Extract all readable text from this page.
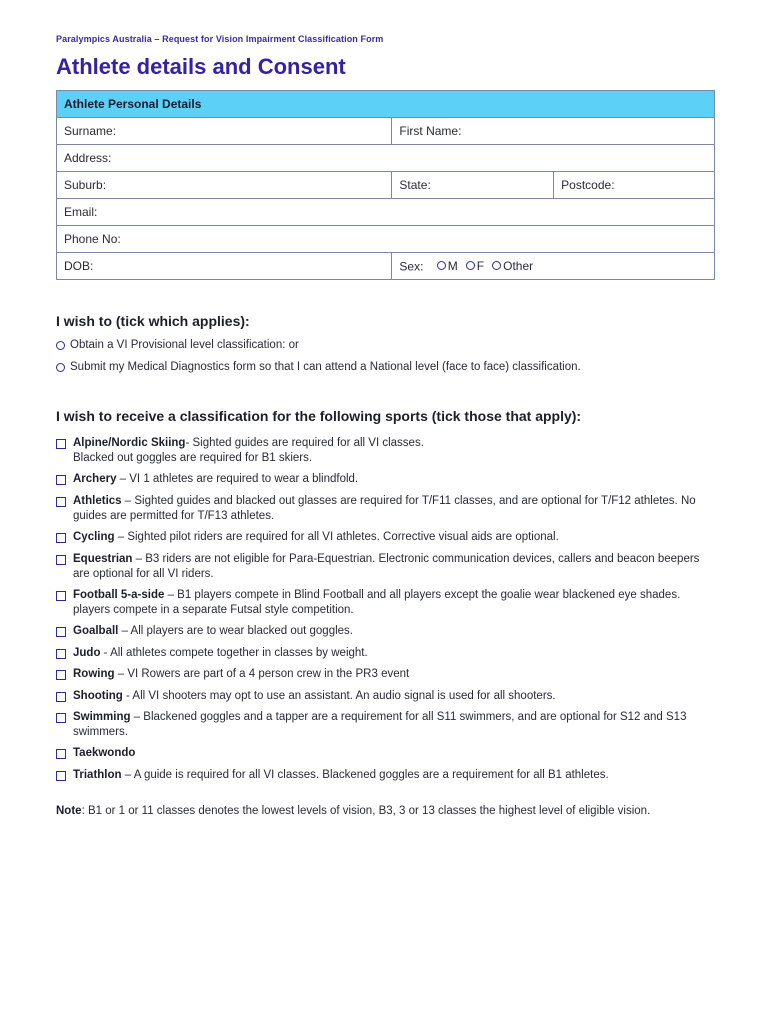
Paralympics Australia – Request for Vision Impairment Classification Form
Athlete details and Consent
Athlete Personal Details		
Surname:	First Name:	
Address:		
Suburb:	State:	Postcode:
Email:		
Phone No:		
DOB:	Sex: M F Other	
I wish to (tick which applies):
Obtain a VI Provisional level classification: or
Submit my Medical Diagnostics form so that I can attend a National level (face to face) classification.
I wish to receive a classification for the following sports (tick those that apply):
Alpine/Nordic Skiing- Sighted guides are required for all VI classes.
Blacked out goggles are required for B1 skiers.
Archery – VI 1 athletes are required to wear a blindfold.
Athletics – Sighted guides and blacked out glasses are required for T/F11 classes, and are optional for T/F12 athletes. No guides are permitted for T/F13 athletes.
Cycling – Sighted pilot riders are required for all VI athletes. Corrective visual aids are optional.
Equestrian – B3 riders are not eligible for Para-Equestrian. Electronic communication devices, callers and beacon beepers are optional for all VI riders.
Football 5-a-side – B1 players compete in Blind Football and all players except the goalie wear blackened eye shades. players compete in a separate Futsal style competition.
Goalball – All players are to wear blacked out goggles.
Judo - All athletes compete together in classes by weight.
Rowing – VI Rowers are part of a 4 person crew in the PR3 event
Shooting - All VI shooters may opt to use an assistant. An audio signal is used for all shooters.
Swimming – Blackened goggles and a tapper are a requirement for all S11 swimmers, and are optional for S12 and S13 swimmers.
Taekwondo
Triathlon – A guide is required for all VI classes. Blackened goggles are a requirement for all B1 athletes.

Note: B1 or 1 or 11 classes denotes the lowest levels of vision, B3, 3 or 13 classes the highest level of eligible vision.
